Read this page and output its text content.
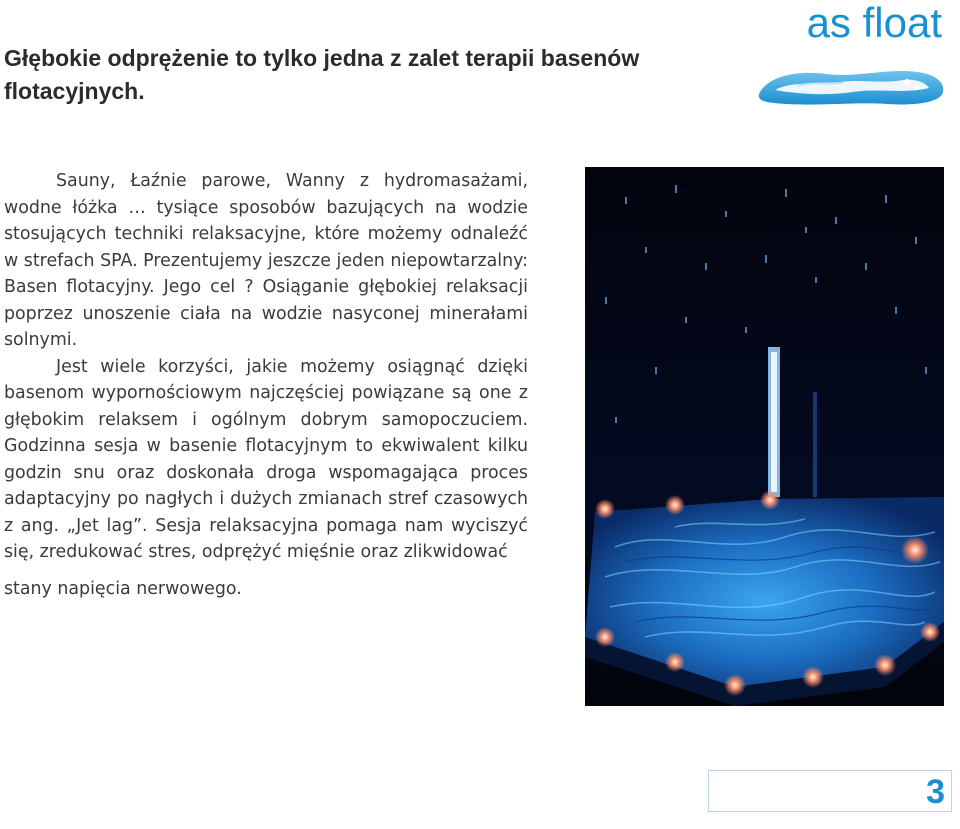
Głębokie odprężenie to tylko jedna z zalet terapii basenów flotacyjnych.
as float

Sauny, Łaźnie parowe, Wanny z hydromasażami, wodne łóżka … tysiące sposobów bazujących na wodzie stosujących techniki relaksacyjne, które możemy odnaleźć w strefach SPA. Prezentujemy jeszcze jeden niepowtarzalny: Basen flotacyjny. Jego cel ? Osiąganie głębokiej relaksacji poprzez unoszenie ciała na wodzie nasyconej minerałami solnymi.

Jest wiele korzyści, jakie możemy osiągnąć dzięki basenom wypornościowym najczęściej powiązane są one z głębokim relaksem i ogólnym dobrym samopoczuciem. Godzinna sesja w basenie flotacyjnym to ekwiwalent kilku godzin snu oraz doskonała droga wspomagająca proces adaptacyjny po nagłych i dużych zmianach stref czasowych z ang. „Jet lag”. Sesja relaksacyjna pomaga nam wyciszyć się, zredukować stres, odprężyć mięśnie oraz zlikwidować

stany napięcia nerwowego.

3
